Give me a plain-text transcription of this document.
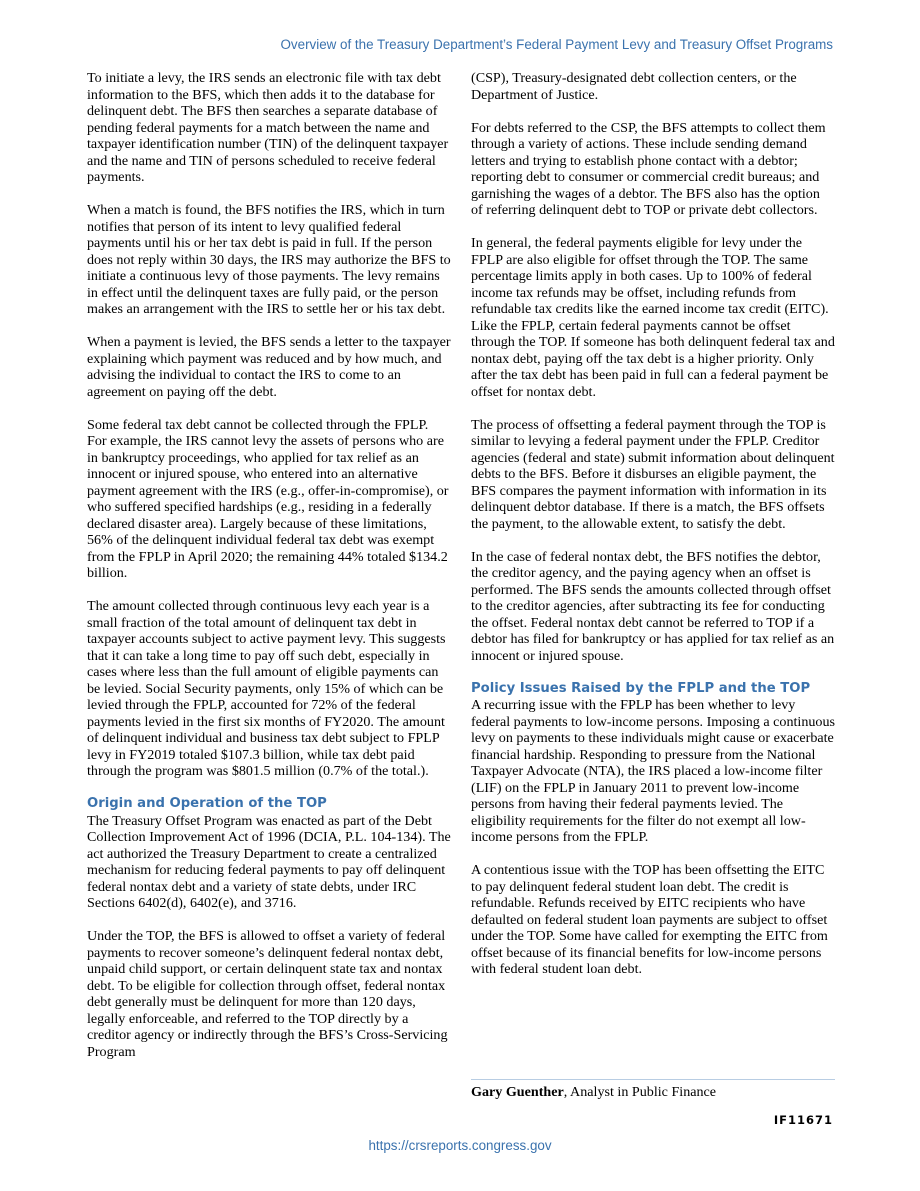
Overview of the Treasury Department’s Federal Payment Levy and Treasury Offset Programs

To initiate a levy, the IRS sends an electronic file with tax debt information to the BFS, which then adds it to the database for delinquent debt. The BFS then searches a separate database of pending federal payments for a match between the name and taxpayer identification number (TIN) of the delinquent taxpayer and the name and TIN of persons scheduled to receive federal payments.

When a match is found, the BFS notifies the IRS, which in turn notifies that person of its intent to levy qualified federal payments until his or her tax debt is paid in full. If the person does not reply within 30 days, the IRS may authorize the BFS to initiate a continuous levy of those payments. The levy remains in effect until the delinquent taxes are fully paid, or the person makes an arrangement with the IRS to settle her or his tax debt.

When a payment is levied, the BFS sends a letter to the taxpayer explaining which payment was reduced and by how much, and advising the individual to contact the IRS to come to an agreement on paying off the debt.

Some federal tax debt cannot be collected through the FPLP. For example, the IRS cannot levy the assets of persons who are in bankruptcy proceedings, who applied for tax relief as an innocent or injured spouse, who entered into an alternative payment agreement with the IRS (e.g., offer-in-compromise), or who suffered specified hardships (e.g., residing in a federally declared disaster area). Largely because of these limitations, 56% of the delinquent individual federal tax debt was exempt from the FPLP in April 2020; the remaining 44% totaled $134.2 billion.

The amount collected through continuous levy each year is a small fraction of the total amount of delinquent tax debt in taxpayer accounts subject to active payment levy. This suggests that it can take a long time to pay off such debt, especially in cases where less than the full amount of eligible payments can be levied. Social Security payments, only 15% of which can be levied through the FPLP, accounted for 72% of the federal payments levied in the first six months of FY2020. The amount of delinquent individual and business tax debt subject to FPLP levy in FY2019 totaled $107.3 billion, while tax debt paid through the program was $801.5 million (0.7% of the total.).

Origin and Operation of the TOP

The Treasury Offset Program was enacted as part of the Debt Collection Improvement Act of 1996 (DCIA, P.L. 104-134). The act authorized the Treasury Department to create a centralized mechanism for reducing federal payments to pay off delinquent federal nontax debt and a variety of state debts, under IRC Sections 6402(d), 6402(e), and 3716.

Under the TOP, the BFS is allowed to offset a variety of federal payments to recover someone’s delinquent federal nontax debt, unpaid child support, or certain delinquent state tax and nontax debt. To be eligible for collection through offset, federal nontax debt generally must be delinquent for more than 120 days, legally enforceable, and referred to the TOP directly by a creditor agency or indirectly through the BFS’s Cross-Servicing Program

(CSP), Treasury-designated debt collection centers, or the Department of Justice.

For debts referred to the CSP, the BFS attempts to collect them through a variety of actions. These include sending demand letters and trying to establish phone contact with a debtor; reporting debt to consumer or commercial credit bureaus; and garnishing the wages of a debtor. The BFS also has the option of referring delinquent debt to TOP or private debt collectors.

In general, the federal payments eligible for levy under the FPLP are also eligible for offset through the TOP. The same percentage limits apply in both cases. Up to 100% of federal income tax refunds may be offset, including refunds from refundable tax credits like the earned income tax credit (EITC). Like the FPLP, certain federal payments cannot be offset through the TOP. If someone has both delinquent federal tax and nontax debt, paying off the tax debt is a higher priority. Only after the tax debt has been paid in full can a federal payment be offset for nontax debt.

The process of offsetting a federal payment through the TOP is similar to levying a federal payment under the FPLP. Creditor agencies (federal and state) submit information about delinquent debts to the BFS. Before it disburses an eligible payment, the BFS compares the payment information with information in its delinquent debtor database. If there is a match, the BFS offsets the payment, to the allowable extent, to satisfy the debt.

In the case of federal nontax debt, the BFS notifies the debtor, the creditor agency, and the paying agency when an offset is performed. The BFS sends the amounts collected through offset to the creditor agencies, after subtracting its fee for conducting the offset. Federal nontax debt cannot be referred to TOP if a debtor has filed for bankruptcy or has applied for tax relief as an innocent or injured spouse.

Policy Issues Raised by the FPLP and the TOP

A recurring issue with the FPLP has been whether to levy federal payments to low-income persons. Imposing a continuous levy on payments to these individuals might cause or exacerbate financial hardship. Responding to pressure from the National Taxpayer Advocate (NTA), the IRS placed a low-income filter (LIF) on the FPLP in January 2011 to prevent low-income persons from having their federal payments levied. The eligibility requirements for the filter do not exempt all low-income persons from the FPLP.

A contentious issue with the TOP has been offsetting the EITC to pay delinquent federal student loan debt. The credit is refundable. Refunds received by EITC recipients who have defaulted on federal student loan payments are subject to offset under the TOP. Some have called for exempting the EITC from offset because of its financial benefits for low-income persons with federal student loan debt.

Gary Guenther, Analyst in Public Finance
IF11671
https://crsreports.congress.gov
